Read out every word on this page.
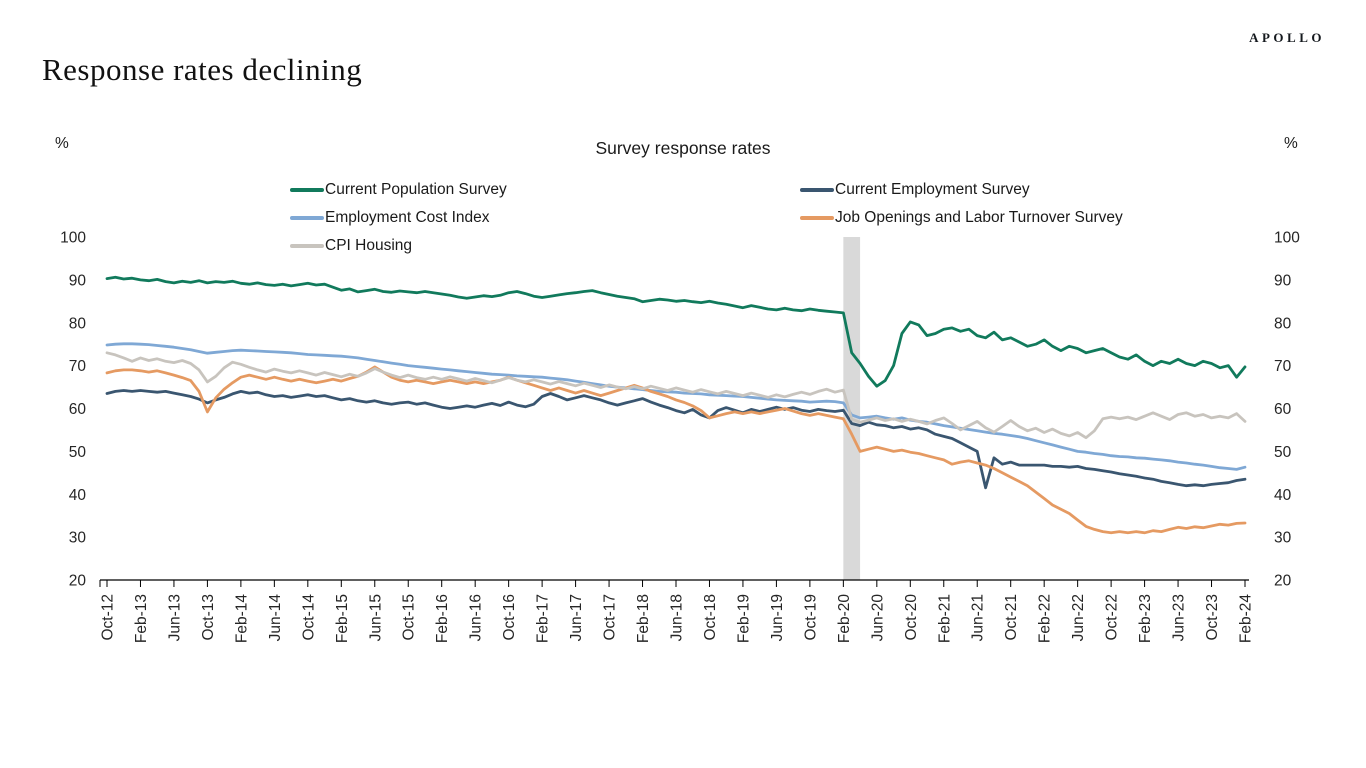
Oct-12 Feb-13 Jun-13 Oct-13 Feb-14 Jun-14 Oct-14 Feb-15 Jun-15 Oct-15 Feb-16 Jun-16 Oct-16 Feb-17 Jun-17 Oct-17 Feb-18 Jun-18 Oct-18 Feb-19 Jun-19 Oct-19 Feb-20 Jun-20 Oct-20 Feb-21 Jun-21 Oct-21 Feb-22 Jun-22 Oct-22 Feb-23 Jun-23 Oct-23 Feb-24
20	20
30	30
40	40
50	50
60	60
70	70
80	80
90	90
100	100
APOLLO
Response rates declining
Survey response rates
%	%
Current Population Survey
Employment Cost Index
CPI Housing
Current Employment Survey
Job Openings and Labor Turnover Survey
